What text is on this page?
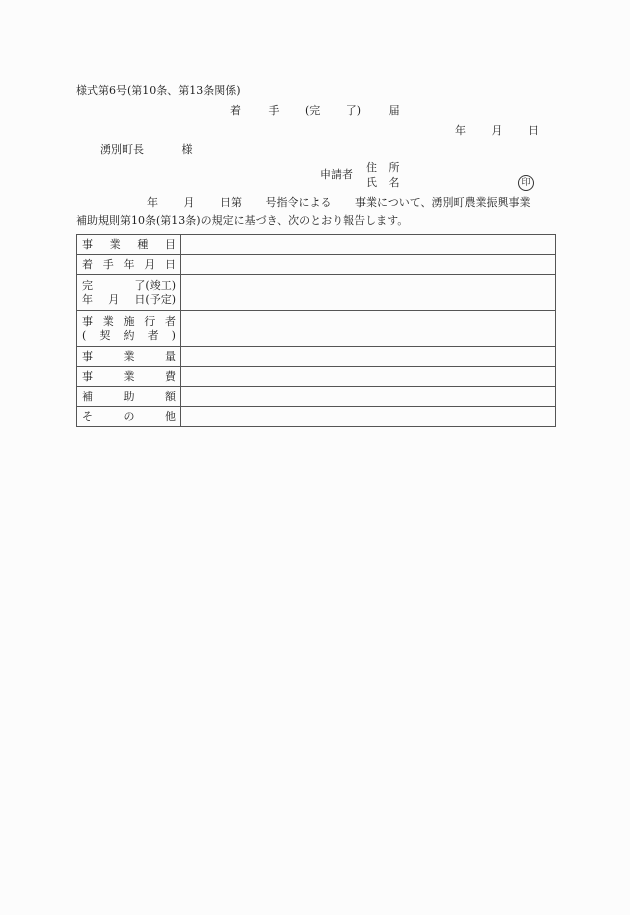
様式第6号(第10条、第13条関係)
着	手 (完 了)	届
年 月 日
湧別町長	様
申請者
住 所
氏 名	印
年 月 日第 号指令による 事業について、湧別町農業振興事業
補助規則第10条(第13条)の規定に基づき、次のとおり報告します。
事 業 種 目	

着 手 年 月 日	

完 了(竣工)
年 月 日(予定)	

事 業 施 行 者
( 契 約 者 )

事 業 量	

事 業 費	

補 助 額	

そ の 他	
